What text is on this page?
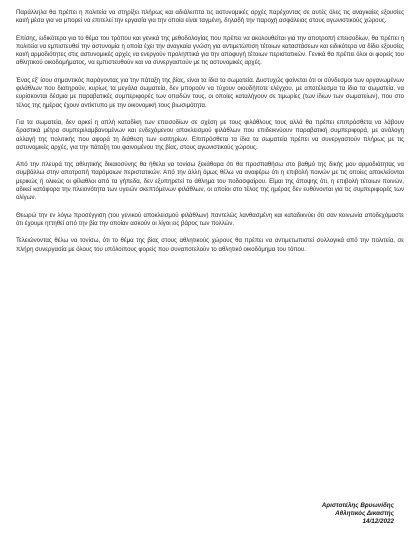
Παράλληλα θα πρέπει η πολιτεία να στηρίξει πλήρως και αδιάλειπτα τις αστυνομικές αρχές παρέχοντας σε αυτές όλες τις αναγκαίες εξουσίες και/ή μέσα για να μπορεί να επιτελεί την εργασία για την οποία είναι ταγμένη, δηλαδή την παροχή ασφάλειας στους αγωνιστικούς χώρους.

Επίσης, ειδικότερα για το θέμα του τρόπου και γενικά της μεθοδολογίας που πρέπει να ακολουθείται για την αποτροπή επεισοδίων, θα πρέπει η πολιτεία να εμπιστευθεί την αστυνομία η οποία έχει την αναγκαία γνώση για αντιμετώπιση τέτοιων καταστάσεων και ειδικότερα να δίδει εξουσίες και/ή αρμοδιότητες στις αστυνομικές αρχές να ενεργούν προληπτικά για την αποφυγή τέτοιων περιστατικών. Γενικά θα πρέπει όλοι οι φορείς του αθλητικού οικοδομήματος, να εμπιστευθούν και να συνεργαστούν με τις αστυνομικές αρχές.

Ένας εξ' ίσου σημαντικός παράγοντας για την πάταξη της βίας, είναι τα ίδια τα σωματεία. Δυστυχώς φαίνεται ότι οι σύνδεσμοι των οργανωμένων φιλάθλων που διατηρούν, κυρίως τα μεγάλα σωματεία, δεν μπορούν να τύχουν οιουδήποτε ελέγχου, με αποτέλεσμα τα ίδια τα σωματεία, να ευρίσκονται δέσμια με παραβατικές συμπεριφορές των οπαδών τους, οι οποίες καταλήγουν σε τιμωρίες (των ίδιων των σωματείων), που στο τέλος της ημέρας έχουν αντίκτυπο με την οικονομική τους βιωσιμότητα.

Για τα σωματεία, δεν αρκεί η απλή καταδίκη των επεισοδίων σε σχέση με τους φιλάθλους τους αλλά θα πρέπει επιπρόσθετα να λάβουν δραστικά μέτρα συμπεριλαμβανομένων και ενδεχόμενου αποκλεισμού φιλάθλων που επιδεικνύουν παραβατική συμπεριφορά, με ανάλογη αλλαγή της πολιτικής που αφορά τη διάθεση των εισιτηρίων. Επιπρόσθετα τα ίδια τα σωματεία πρέπει να συνεργαστούν πλήρως με τις αστυνομικές αρχές, για την πάταξη του φαινομένου της βίας, στους αγωνιστικούς χώρους.

Από την πλευρά της αθλητικής δικαιοσύνης θα ήθελα να τονίσω ξεκάθαρα ότι θα προσπαθήσω στο βαθμό της δικής μου αρμοδιότητας να συμβάλλω στην αποτροπή παρόμοιων περιστατικών. Από την άλλη όμως θέλω να αναφέρω ότι η επιβολή ποινών με τις οποίες αποκλείονται μερικώς ή ολικώς οι φίλαθλοι από τα γήπεδα, δεν εξυπηρετεί το άθλημα του ποδοσφαίρου. Είμαι της άποψης ότι, η επιβολή τέτοιων ποινών, αδικεί κατάφορα την πλειονότητα των υγειών σκεπτόμενων φιλάθλων, οι οποίοι στο τέλος της ημέρας δεν ευθύνονται για τις συμπεριφορές των ολίγων.

Θεωρώ την εν λόγω προσέγγιση (του γενικού αποκλεισμού φιλάθλων) παντελώς λανθασμένη και καταδικνύει ότι σαν κοινωνία αποδεχόμαστε ότι έχουμε ηττηθεί από την βία την οποίαν ασκούν οι λίγοι εις βάρος των πολλών.

Τελειώνοντας θέλω να τονίσω, ότι το θέμα της βίας στους αθλητικούς χώρους θα πρέπει να αντιμετωπιστεί συλλογικά από την πολιτεία, σε πλήρη συνεργασία με όλους του υπόλοιπους φορείς που συναποτελούν το αθλητικό οικοδόμημα του τόπου.

Αριστοτέλης Βρυωνίδης
Αθλητικός Δικαστής
14/12/2022
